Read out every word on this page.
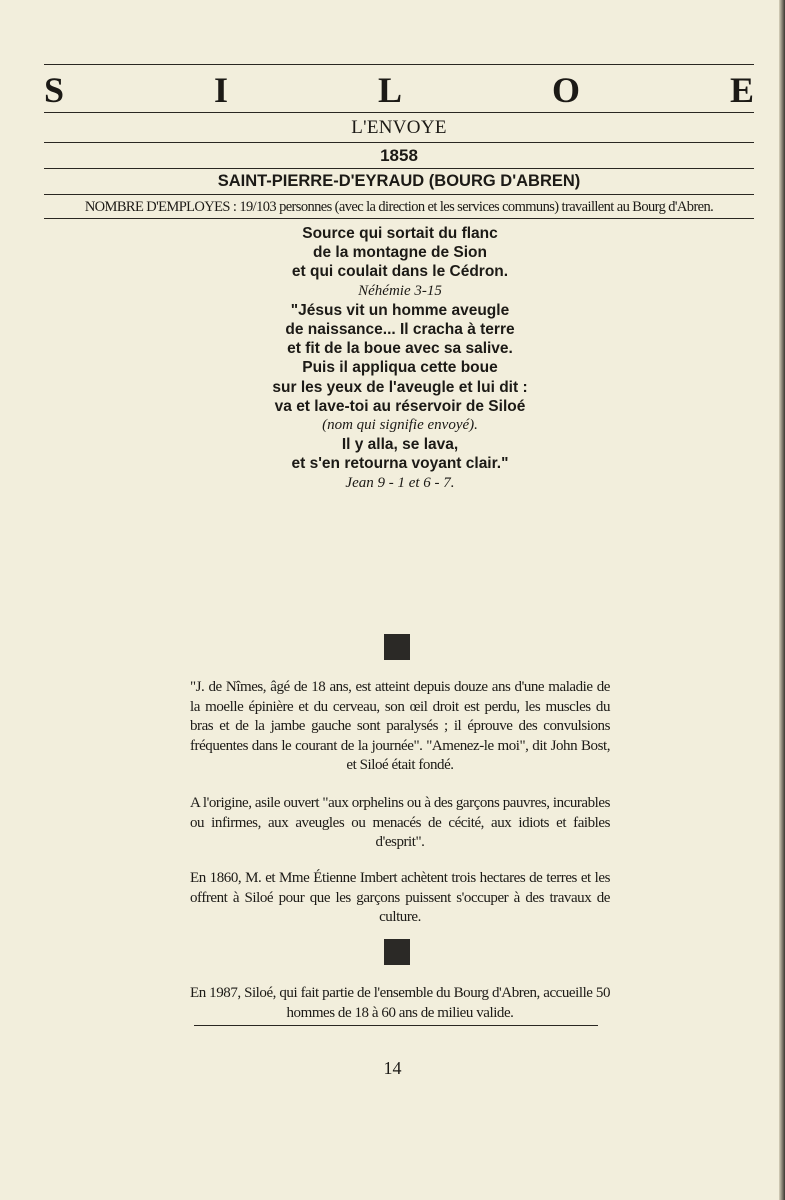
S	I	L	O	E
L'ENVOYE
1858
SAINT-PIERRE-D'EYRAUD (BOURG D'ABREN)
NOMBRE D'EMPLOYES : 19/103 personnes (avec la direction et les services communs) travaillent au Bourg d'Abren.
Source qui sortait du flanc
de la montagne de Sion
et qui coulait dans le Cédron.
Néhémie 3-15
"Jésus vit un homme aveugle
de naissance... Il cracha à terre
et fit de la boue avec sa salive.
Puis il appliqua cette boue
sur les yeux de l'aveugle et lui dit :
va et lave-toi au réservoir de Siloé
(nom qui signifie envoyé).
Il y alla, se lava,
et s'en retourna voyant clair."
Jean 9 - 1 et 6 - 7.
"J. de Nîmes, âgé de 18 ans, est atteint depuis douze ans d'une maladie de la moelle épinière et du cerveau, son œil droit est perdu, les muscles du bras et de la jambe gauche sont paralysés ; il éprouve des convulsions fréquentes dans le courant de la journée". "Amenez-le moi", dit John Bost, et Siloé était fondé.
A l'origine, asile ouvert "aux orphelins ou à des garçons pauvres, incurables ou infirmes, aux aveugles ou menacés de cécité, aux idiots et faibles d'esprit".
En 1860, M. et Mme Étienne Imbert achètent trois hectares de terres et les offrent à Siloé pour que les garçons puissent s'occuper à des travaux de culture.
En 1987, Siloé, qui fait partie de l'ensemble du Bourg d'Abren, accueille 50 hommes de 18 à 60 ans de milieu valide.
14
